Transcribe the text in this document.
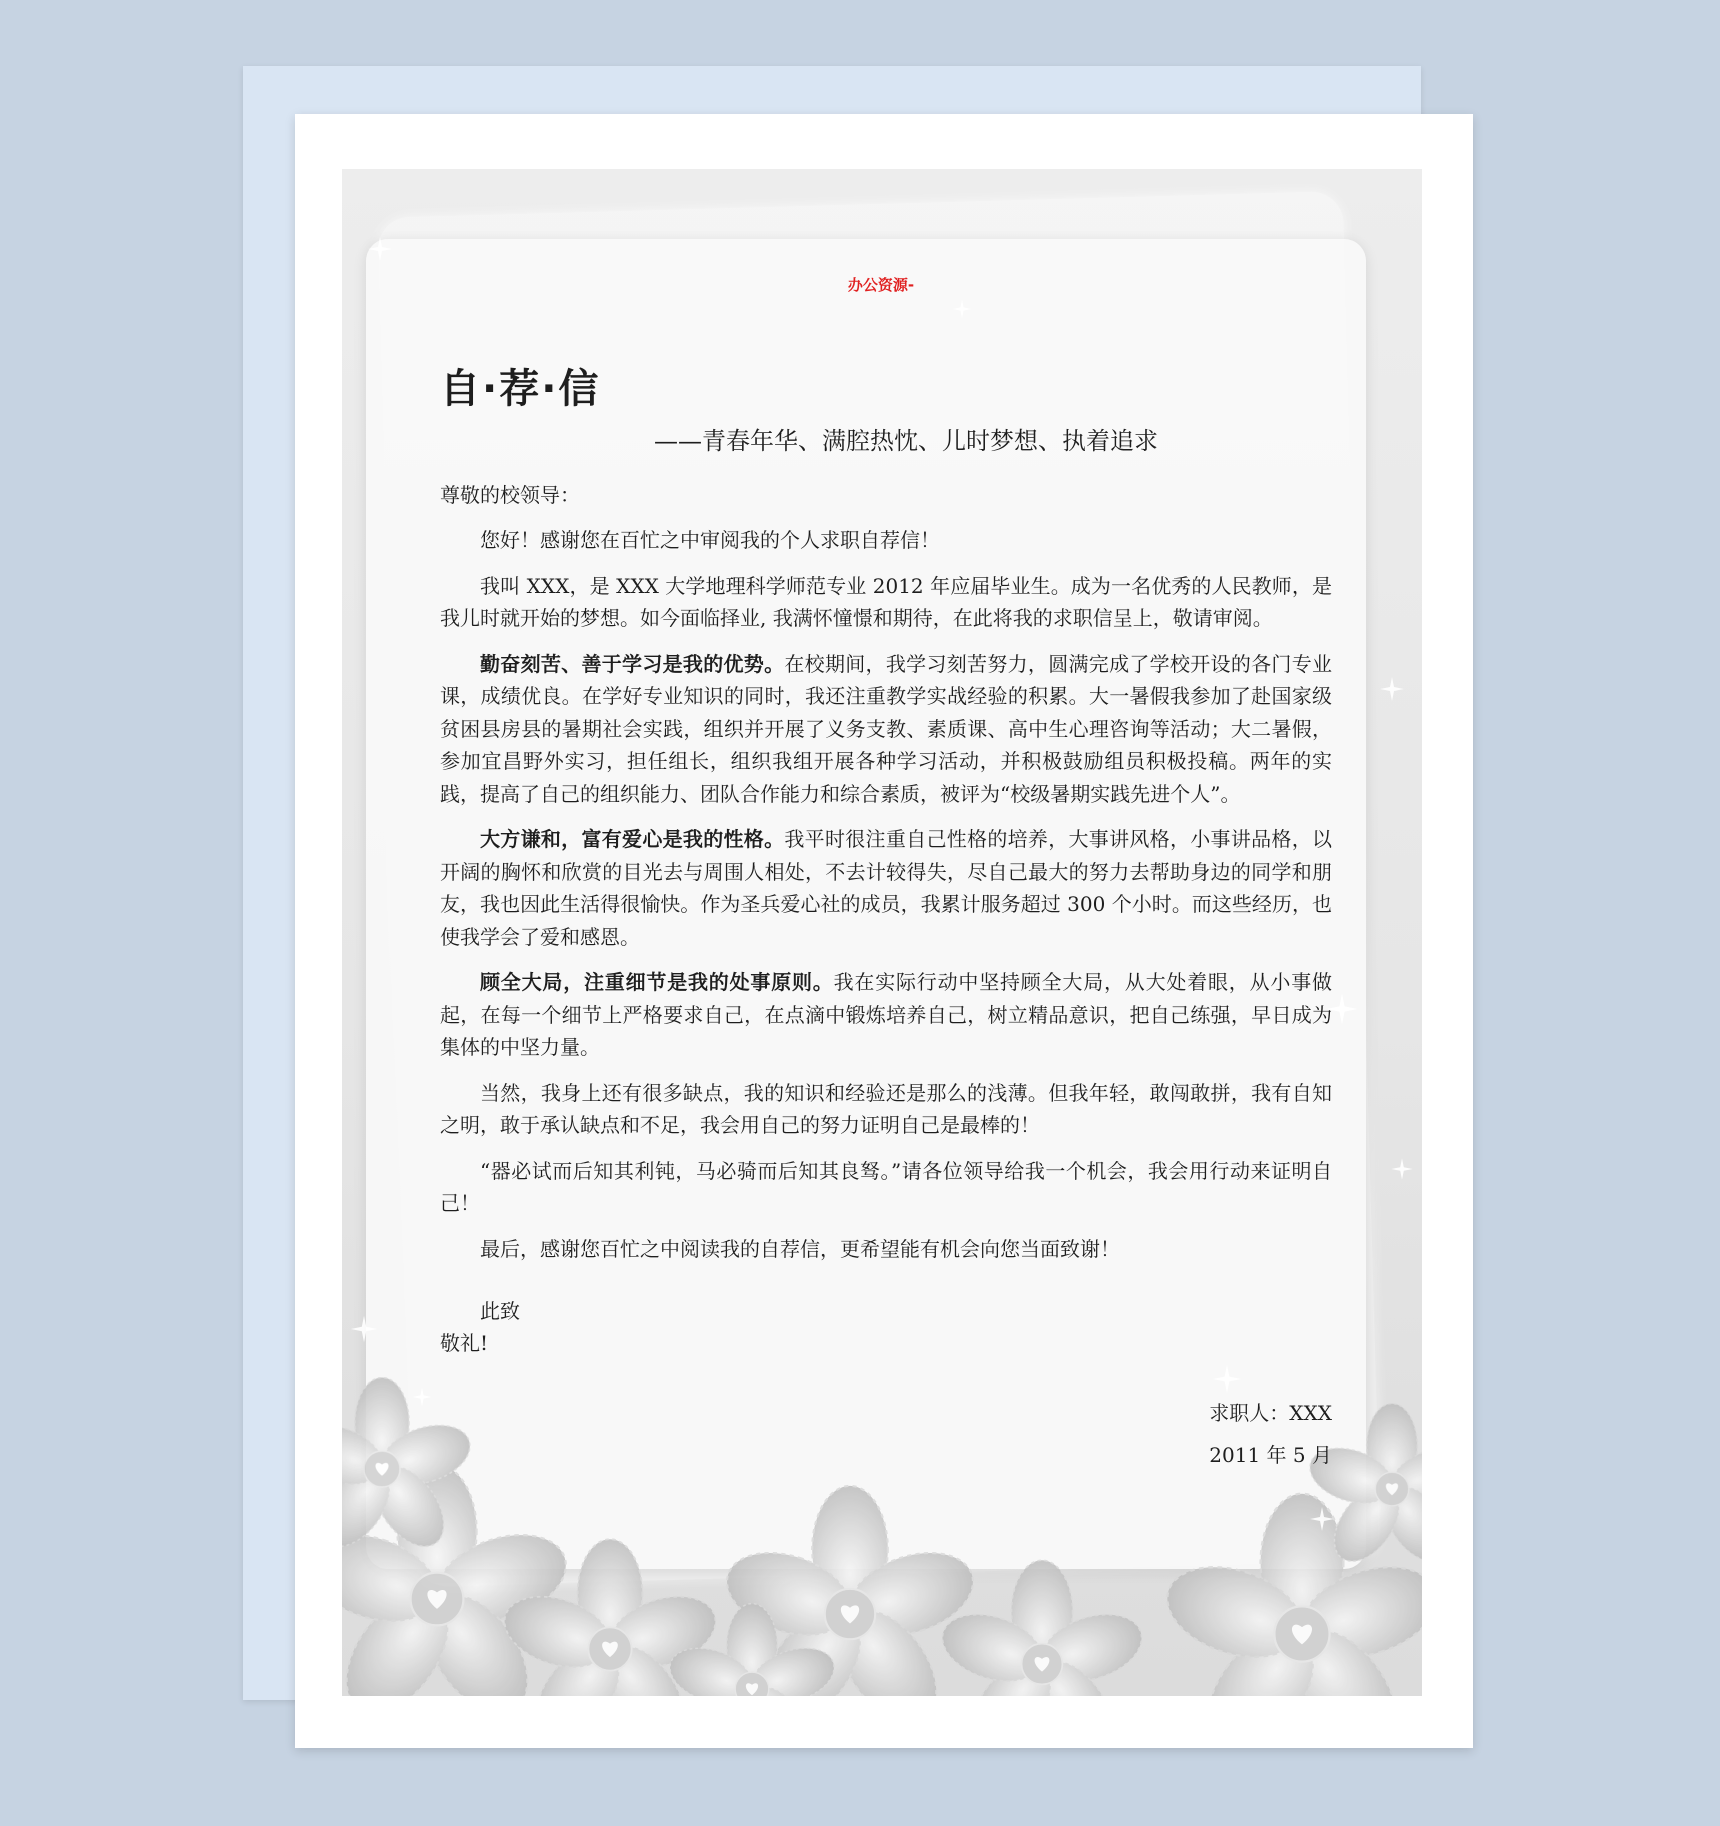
办公资源-
自·荐·信
——青春年华、满腔热忱、儿时梦想、执着追求
尊敬的校领导：
您好！感谢您在百忙之中审阅我的个人求职自荐信！
我叫 XXX，是 XXX 大学地理科学师范专业 2012 年应届毕业生。成为一名优秀的人民教师，是我儿时就开始的梦想。如今面临择业, 我满怀憧憬和期待，在此将我的求职信呈上，敬请审阅。
勤奋刻苦、善于学习是我的优势。在校期间，我学习刻苦努力，圆满完成了学校开设的各门专业课，成绩优良。在学好专业知识的同时，我还注重教学实战经验的积累。大一暑假我参加了赴国家级贫困县房县的暑期社会实践，组织并开展了义务支教、素质课、高中生心理咨询等活动；大二暑假，参加宜昌野外实习，担任组长，组织我组开展各种学习活动，并积极鼓励组员积极投稿。两年的实践，提高了自己的组织能力、团队合作能力和综合素质，被评为“校级暑期实践先进个人”。
大方谦和，富有爱心是我的性格。我平时很注重自己性格的培养，大事讲风格，小事讲品格，以开阔的胸怀和欣赏的目光去与周围人相处，不去计较得失，尽自己最大的努力去帮助身边的同学和朋友，我也因此生活得很愉快。作为圣兵爱心社的成员，我累计服务超过 300 个小时。而这些经历，也使我学会了爱和感恩。
顾全大局，注重细节是我的处事原则。我在实际行动中坚持顾全大局，从大处着眼，从小事做起，在每一个细节上严格要求自己，在点滴中锻炼培养自己，树立精品意识，把自己练强，早日成为集体的中坚力量。
当然，我身上还有很多缺点，我的知识和经验还是那么的浅薄。但我年轻，敢闯敢拼，我有自知之明，敢于承认缺点和不足，我会用自己的努力证明自己是最棒的！
“器必试而后知其利钝，马必骑而后知其良驽。”请各位领导给我一个机会，我会用行动来证明自己！
最后，感谢您百忙之中阅读我的自荐信，更希望能有机会向您当面致谢！
此致
敬礼!
求职人：XXX
2011 年 5 月
